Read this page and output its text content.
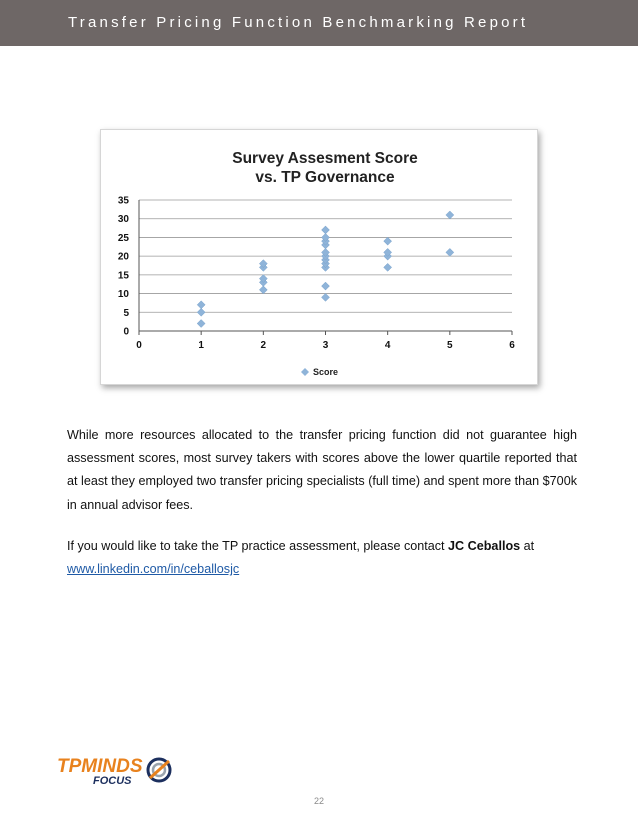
Transfer Pricing Function Benchmarking Report
Survey Assesment Score
vs. TP Governance
0
5
10
15
20
25
30
35
0	1	2	3	4	5	6
Score
While more resources allocated to the transfer pricing function did not guarantee high assessment scores, most survey takers with scores above the lower quartile reported that at least they employed two transfer pricing specialists (full time) and spent more than $700k in annual advisor fees.
If you would like to take the TP practice assessment, please contact JC Ceballos at
www.linkedin.com/in/ceballosjc
TPMINDS
FOCUS
22
